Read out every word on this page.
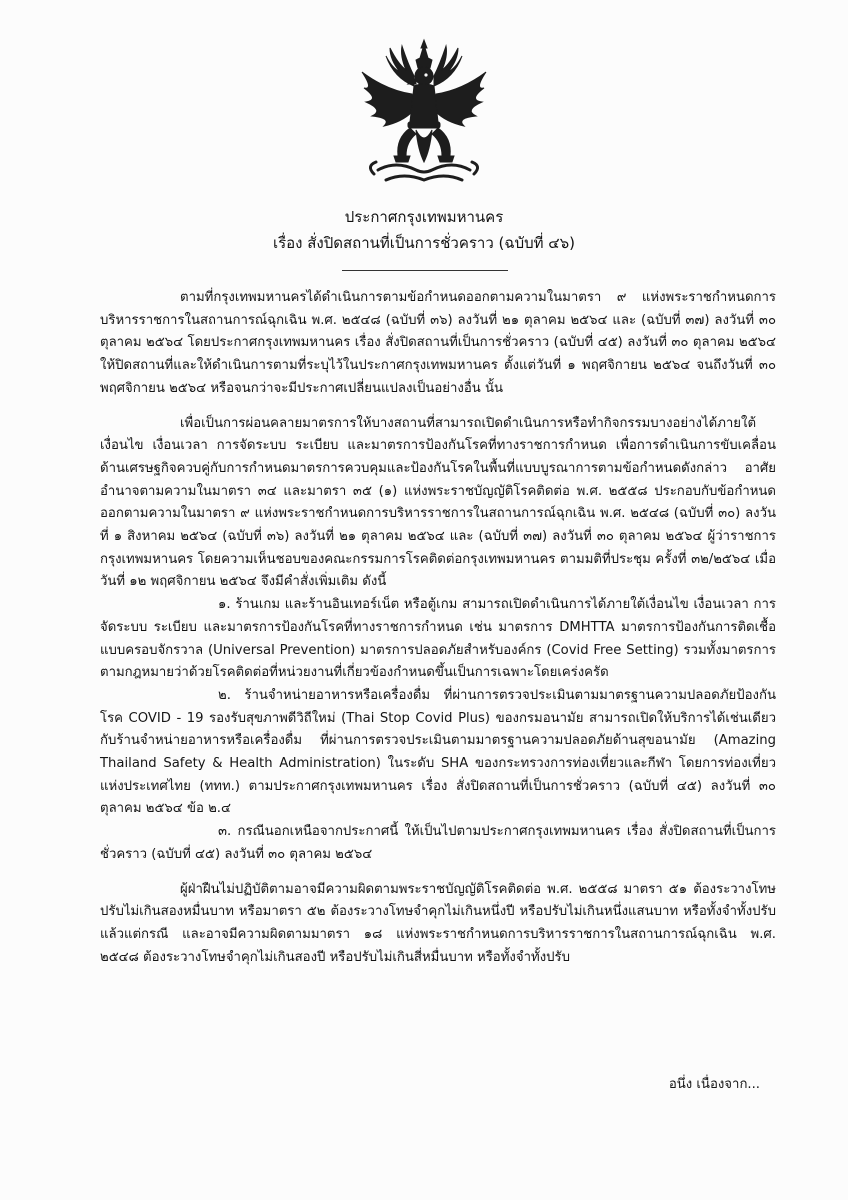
ประกาศกรุงเทพมหานคร
เรื่อง สั่งปิดสถานที่เป็นการชั่วคราว (ฉบับที่ ๔๖)

ตามที่กรุงเทพมหานครได้ดำเนินการตามข้อกำหนดออกตามความในมาตรา ๙ แห่งพระราชกำหนดการบริหารราชการในสถานการณ์ฉุกเฉิน พ.ศ. ๒๕๔๘ (ฉบับที่ ๓๖) ลงวันที่ ๒๑ ตุลาคม ๒๕๖๔ และ (ฉบับที่ ๓๗) ลงวันที่ ๓๐ ตุลาคม ๒๕๖๔ โดยประกาศกรุงเทพมหานคร เรื่อง สั่งปิดสถานที่เป็นการชั่วคราว (ฉบับที่ ๔๕) ลงวันที่ ๓๐ ตุลาคม ๒๕๖๔ ให้ปิดสถานที่และให้ดำเนินการตามที่ระบุไว้ในประกาศกรุงเทพมหานคร ตั้งแต่วันที่ ๑ พฤศจิกายน ๒๕๖๔ จนถึงวันที่ ๓๐ พฤศจิกายน ๒๕๖๔ หรือจนกว่าจะมีประกาศเปลี่ยนแปลงเป็นอย่างอื่น นั้น

เพื่อเป็นการผ่อนคลายมาตรการให้บางสถานที่สามารถเปิดดำเนินการหรือทำกิจกรรมบางอย่างได้ภายใต้เงื่อนไข เงื่อนเวลา การจัดระบบ ระเบียบ และมาตรการป้องกันโรคที่ทางราชการกำหนด เพื่อการดำเนินการขับเคลื่อนด้านเศรษฐกิจควบคู่กับการกำหนดมาตรการควบคุมและป้องกันโรคในพื้นที่แบบบูรณาการตามข้อกำหนดดังกล่าว อาศัยอำนาจตามความในมาตรา ๓๔ และมาตรา ๓๕ (๑) แห่งพระราชบัญญัติโรคติดต่อ พ.ศ. ๒๕๕๘ ประกอบกับข้อกำหนดออกตามความในมาตรา ๙ แห่งพระราชกำหนดการบริหารราชการในสถานการณ์ฉุกเฉิน พ.ศ. ๒๕๔๘ (ฉบับที่ ๓๐) ลงวันที่ ๑ สิงหาคม ๒๕๖๔ (ฉบับที่ ๓๖) ลงวันที่ ๒๑ ตุลาคม ๒๕๖๔ และ (ฉบับที่ ๓๗) ลงวันที่ ๓๐ ตุลาคม ๒๕๖๔ ผู้ว่าราชการกรุงเทพมหานคร โดยความเห็นชอบของคณะกรรมการโรคติดต่อกรุงเทพมหานคร ตามมติที่ประชุม ครั้งที่ ๓๒/๒๕๖๔ เมื่อวันที่ ๑๒ พฤศจิกายน ๒๕๖๔ จึงมีคำสั่งเพิ่มเติม ดังนี้

๑. ร้านเกม และร้านอินเทอร์เน็ต หรือตู้เกม สามารถเปิดดำเนินการได้ภายใต้เงื่อนไข เงื่อนเวลา การจัดระบบ ระเบียบ และมาตรการป้องกันโรคที่ทางราชการกำหนด เช่น มาตรการ DMHTTA มาตรการป้องกันการติดเชื้อแบบครอบจักรวาล (Universal Prevention) มาตรการปลอดภัยสำหรับองค์กร (Covid Free Setting) รวมทั้งมาตรการตามกฎหมายว่าด้วยโรคติดต่อที่หน่วยงานที่เกี่ยวข้องกำหนดขึ้นเป็นการเฉพาะโดยเคร่งครัด

๒. ร้านจำหน่ายอาหารหรือเครื่องดื่ม ที่ผ่านการตรวจประเมินตามมาตรฐานความปลอดภัยป้องกันโรค COVID - 19 รองรับสุขภาพดีวิถีใหม่ (Thai Stop Covid Plus) ของกรมอนามัย สามารถเปิดให้บริการได้เช่นเดียวกับร้านจำหน่ายอาหารหรือเครื่องดื่ม ที่ผ่านการตรวจประเมินตามมาตรฐานความปลอดภัยด้านสุขอนามัย (Amazing Thailand Safety & Health Administration) ในระดับ SHA ของกระทรวงการท่องเที่ยวและกีฬา โดยการท่องเที่ยวแห่งประเทศไทย (ททท.) ตามประกาศกรุงเทพมหานคร เรื่อง สั่งปิดสถานที่เป็นการชั่วคราว (ฉบับที่ ๔๕) ลงวันที่ ๓๐ ตุลาคม ๒๕๖๔ ข้อ ๒.๔

๓. กรณีนอกเหนือจากประกาศนี้ ให้เป็นไปตามประกาศกรุงเทพมหานคร เรื่อง สั่งปิดสถานที่เป็นการชั่วคราว (ฉบับที่ ๔๕) ลงวันที่ ๓๐ ตุลาคม ๒๕๖๔

ผู้ฝ่าฝืนไม่ปฏิบัติตามอาจมีความผิดตามพระราชบัญญัติโรคติดต่อ พ.ศ. ๒๕๕๘ มาตรา ๕๑ ต้องระวางโทษปรับไม่เกินสองหมื่นบาท หรือมาตรา ๕๒ ต้องระวางโทษจำคุกไม่เกินหนึ่งปี หรือปรับไม่เกินหนึ่งแสนบาท หรือทั้งจำทั้งปรับ แล้วแต่กรณี และอาจมีความผิดตามมาตรา ๑๘ แห่งพระราชกำหนดการบริหารราชการในสถานการณ์ฉุกเฉิน พ.ศ. ๒๕๔๘ ต้องระวางโทษจำคุกไม่เกินสองปี หรือปรับไม่เกินสี่หมื่นบาท หรือทั้งจำทั้งปรับ

อนึ่ง เนื่องจาก...
